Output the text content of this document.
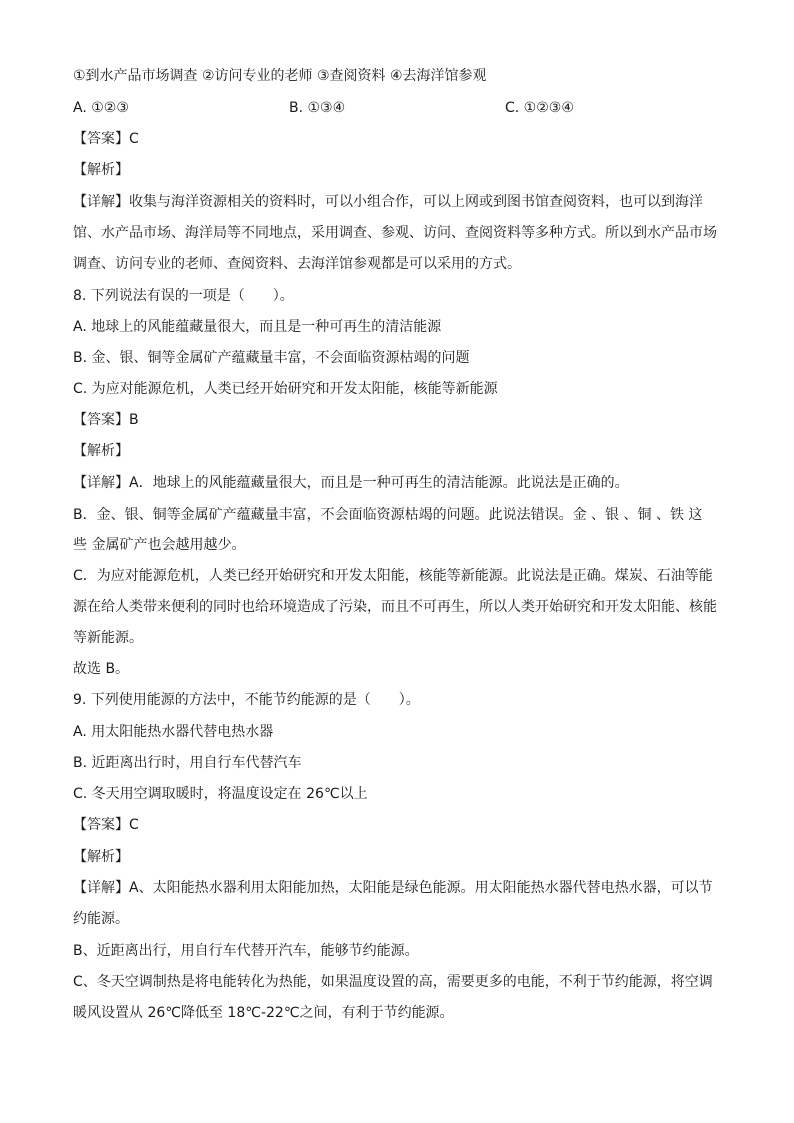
①到水产品市场调查 ②访问专业的老师 ③查阅资料 ④去海洋馆参观
A. ①②③	B. ①③④	C. ①②③④
【答案】C
【解析】
【详解】收集与海洋资源相关的资料时，可以小组合作，可以上网或到图书馆查阅资料，也可以到海洋
馆、水产品市场、海洋局等不同地点，采用调查、参观、访问、查阅资料等多种方式。所以到水产品市场
调查、访问专业的老师、查阅资料、去海洋馆参观都是可以采用的方式。
8. 下列说法有误的一项是（　　）。
A. 地球上的风能蕴藏量很大，而且是一种可再生的清洁能源
B. 金、银、铜等金属矿产蕴藏量丰富，不会面临资源枯竭的问题
C. 为应对能源危机，人类已经开始研究和开发太阳能，核能等新能源
【答案】B
【解析】
【详解】A．地球上的风能蕴藏量很大，而且是一种可再生的清洁能源。此说法是正确的。
B．金、银、铜等金属矿产蕴藏量丰富，不会面临资源枯竭的问题。此说法错误。金 、银 、铜 、铁 这
些 金属矿产也会越用越少。
C．为应对能源危机，人类已经开始研究和开发太阳能，核能等新能源。此说法是正确。煤炭、石油等能
源在给人类带来便利的同时也给环境造成了污染，而且不可再生，所以人类开始研究和开发太阳能、核能
等新能源。
故选 B。
9. 下列使用能源的方法中，不能节约能源的是（　　）。
A. 用太阳能热水器代替电热水器
B. 近距离出行时，用自行车代替汽车
C. 冬天用空调取暖时，将温度设定在 26℃以上
【答案】C
【解析】
【详解】A、太阳能热水器利用太阳能加热，太阳能是绿色能源。用太阳能热水器代替电热水器，可以节
约能源。
B、近距离出行，用自行车代替开汽车，能够节约能源。
C、冬天空调制热是将电能转化为热能，如果温度设置的高，需要更多的电能，不利于节约能源，将空调
暖风设置从 26℃降低至 18℃-22℃之间，有利于节约能源。
